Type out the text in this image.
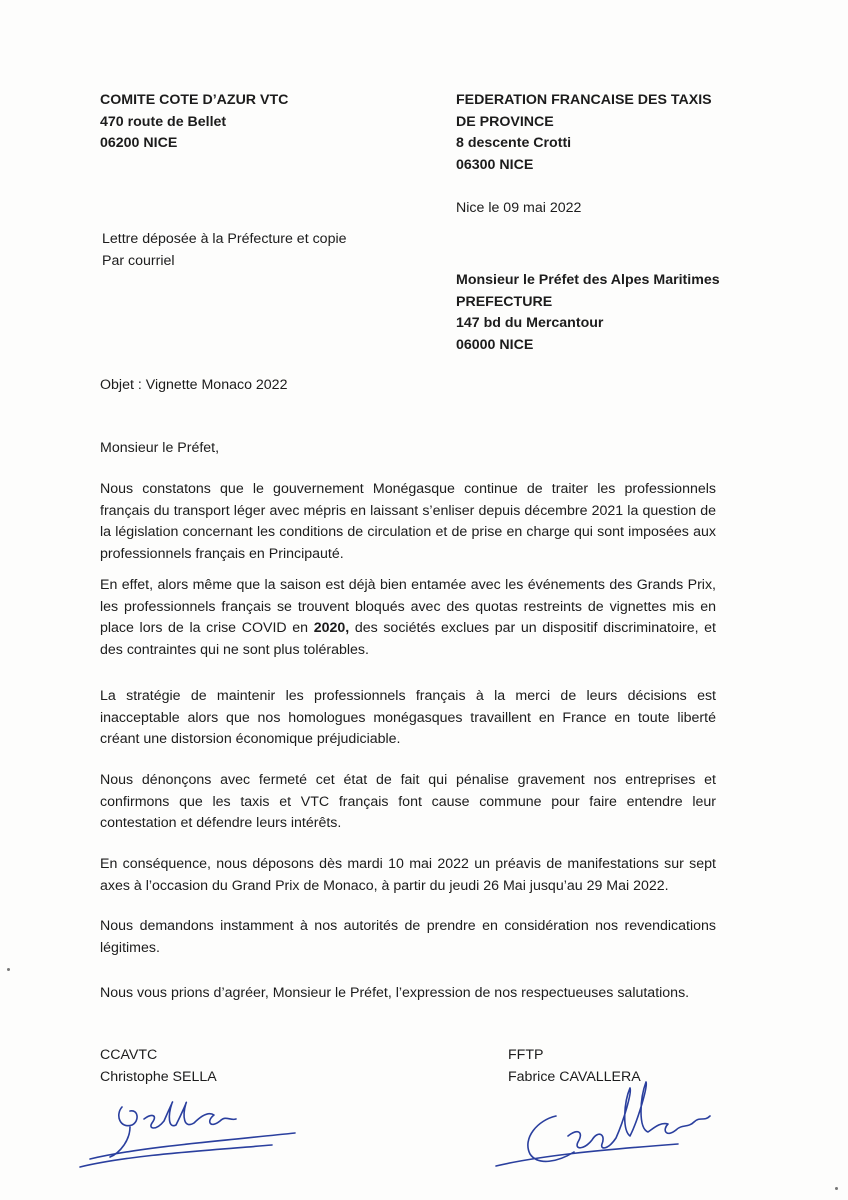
COMITE COTE D’AZUR VTC
470 route de Bellet
06200 NICE
FEDERATION FRANCAISE DES TAXIS
DE PROVINCE
8 descente Crotti
06300 NICE
Nice le 09 mai 2022
Lettre déposée à la Préfecture et copie
Par courriel
Monsieur le Préfet des Alpes Maritimes
PREFECTURE
147 bd du Mercantour
06000 NICE
Objet : Vignette Monaco 2022
Monsieur le Préfet,

Nous constatons que le gouvernement Monégasque continue de traiter les professionnels français du transport léger avec mépris en laissant s’enliser depuis décembre 2021 la question de la législation concernant les conditions de circulation et de prise en charge qui sont imposées aux professionnels français en Principauté.

En effet, alors même que la saison est déjà bien entamée avec les événements des Grands Prix, les professionnels français se trouvent bloqués avec des quotas restreints de vignettes mis en place lors de la crise COVID en 2020, des sociétés exclues par un dispositif discriminatoire, et des contraintes qui ne sont plus tolérables.

La stratégie de maintenir les professionnels français à la merci de leurs décisions est inacceptable alors que nos homologues monégasques travaillent en France en toute liberté créant une distorsion économique préjudiciable.

Nous dénonçons avec fermeté cet état de fait qui pénalise gravement nos entreprises et confirmons que les taxis et VTC français font cause commune pour faire entendre leur contestation et défendre leurs intérêts.

En conséquence, nous déposons dès mardi 10 mai 2022 un préavis de manifestations sur sept axes à l’occasion du Grand Prix de Monaco, à partir du jeudi 26 Mai jusqu’au 29 Mai 2022.

Nous demandons instamment à nos autorités de prendre en considération nos revendications légitimes.

Nous vous prions d’agréer, Monsieur le Préfet, l’expression de nos respectueuses salutations.
CCAVTC
Christophe SELLA
FFTP
Fabrice CAVALLERA
